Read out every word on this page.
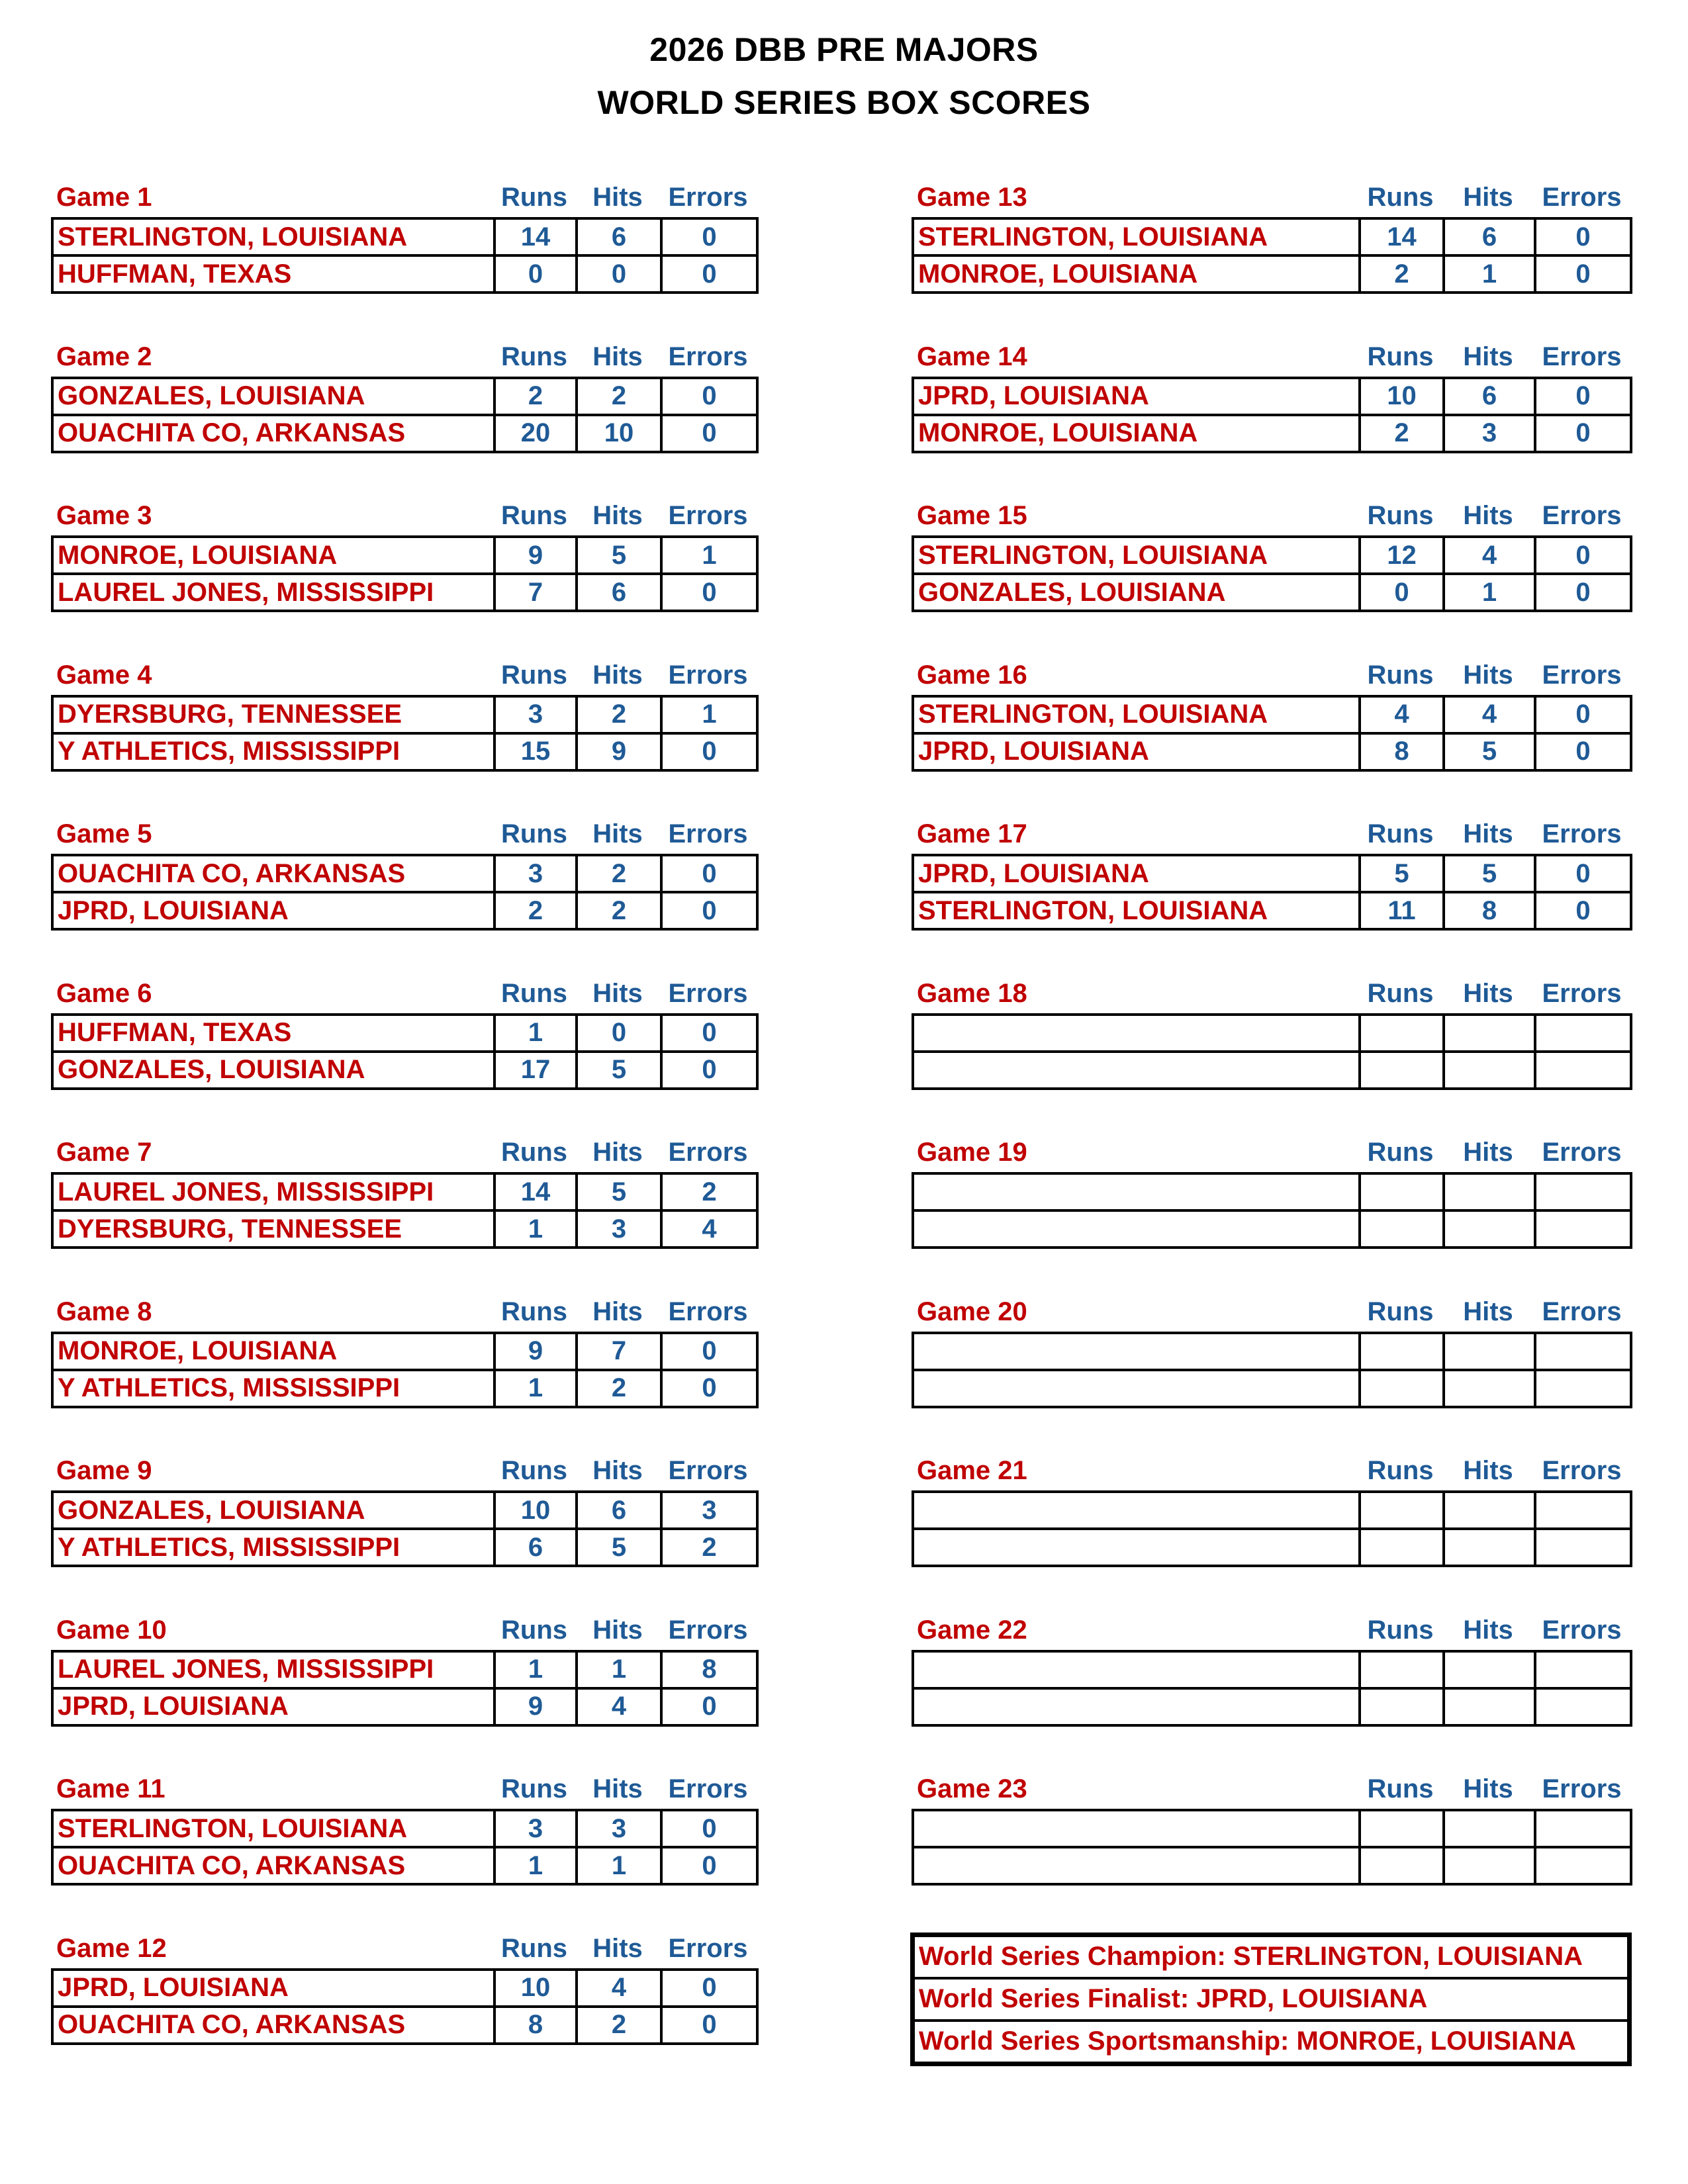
2026 DBB PRE MAJORS
WORLD SERIES BOX SCORES
Game 1	Runs Hits Errors
STERLINGTON, LOUISIANA	14	6	0
HUFFMAN, TEXAS	0	0	0
Game 2	Runs Hits Errors
GONZALES, LOUISIANA	2	2	0
OUACHITA CO, ARKANSAS	20	10	0
Game 3	Runs Hits Errors
MONROE, LOUISIANA	9	5	1
LAUREL JONES, MISSISSIPPI	7	6	0
Game 4	Runs Hits Errors
DYERSBURG, TENNESSEE	3	2	1
Y ATHLETICS, MISSISSIPPI	15	9	0
Game 5	Runs Hits Errors
OUACHITA CO, ARKANSAS	3	2	0
JPRD, LOUISIANA	2	2	0
Game 6	Runs Hits Errors
HUFFMAN, TEXAS	1	0	0
GONZALES, LOUISIANA	17	5	0
Game 7	Runs Hits Errors
LAUREL JONES, MISSISSIPPI	14	5	2
DYERSBURG, TENNESSEE	1	3	4
Game 8	Runs Hits Errors
MONROE, LOUISIANA	9	7	0
Y ATHLETICS, MISSISSIPPI	1	2	0
Game 9	Runs Hits Errors
GONZALES, LOUISIANA	10	6	3
Y ATHLETICS, MISSISSIPPI	6	5	2
Game 10	Runs Hits Errors
LAUREL JONES, MISSISSIPPI	1	1	8
JPRD, LOUISIANA	9	4	0
Game 11	Runs Hits Errors
STERLINGTON, LOUISIANA	3	3	0
OUACHITA CO, ARKANSAS	1	1	0
Game 12	Runs Hits Errors
JPRD, LOUISIANA	10	4	0
OUACHITA CO, ARKANSAS	8	2	0
Game 13	Runs	Hits	Errors
STERLINGTON, LOUISIANA	14	6	0
MONROE, LOUISIANA	2	1	0
Game 14	Runs	Hits	Errors
JPRD, LOUISIANA	10	6	0
MONROE, LOUISIANA	2	3	0
Game 15	Runs	Hits	Errors
STERLINGTON, LOUISIANA	12	4	0
GONZALES, LOUISIANA	0	1	0
Game 16	Runs	Hits	Errors
STERLINGTON, LOUISIANA	4	4	0
JPRD, LOUISIANA	8	5	0
Game 17	Runs	Hits	Errors
JPRD, LOUISIANA	5	5	0
STERLINGTON, LOUISIANA	11	8	0
Game 18	Runs	Hits	Errors

Game 19	Runs	Hits	Errors

Game 20	Runs	Hits	Errors

Game 21	Runs	Hits	Errors

Game 22	Runs	Hits	Errors

Game 23	Runs	Hits	Errors

World Series Champion: STERLINGTON, LOUISIANA
World Series Finalist: JPRD, LOUISIANA
World Series Sportsmanship: MONROE, LOUISIANA
